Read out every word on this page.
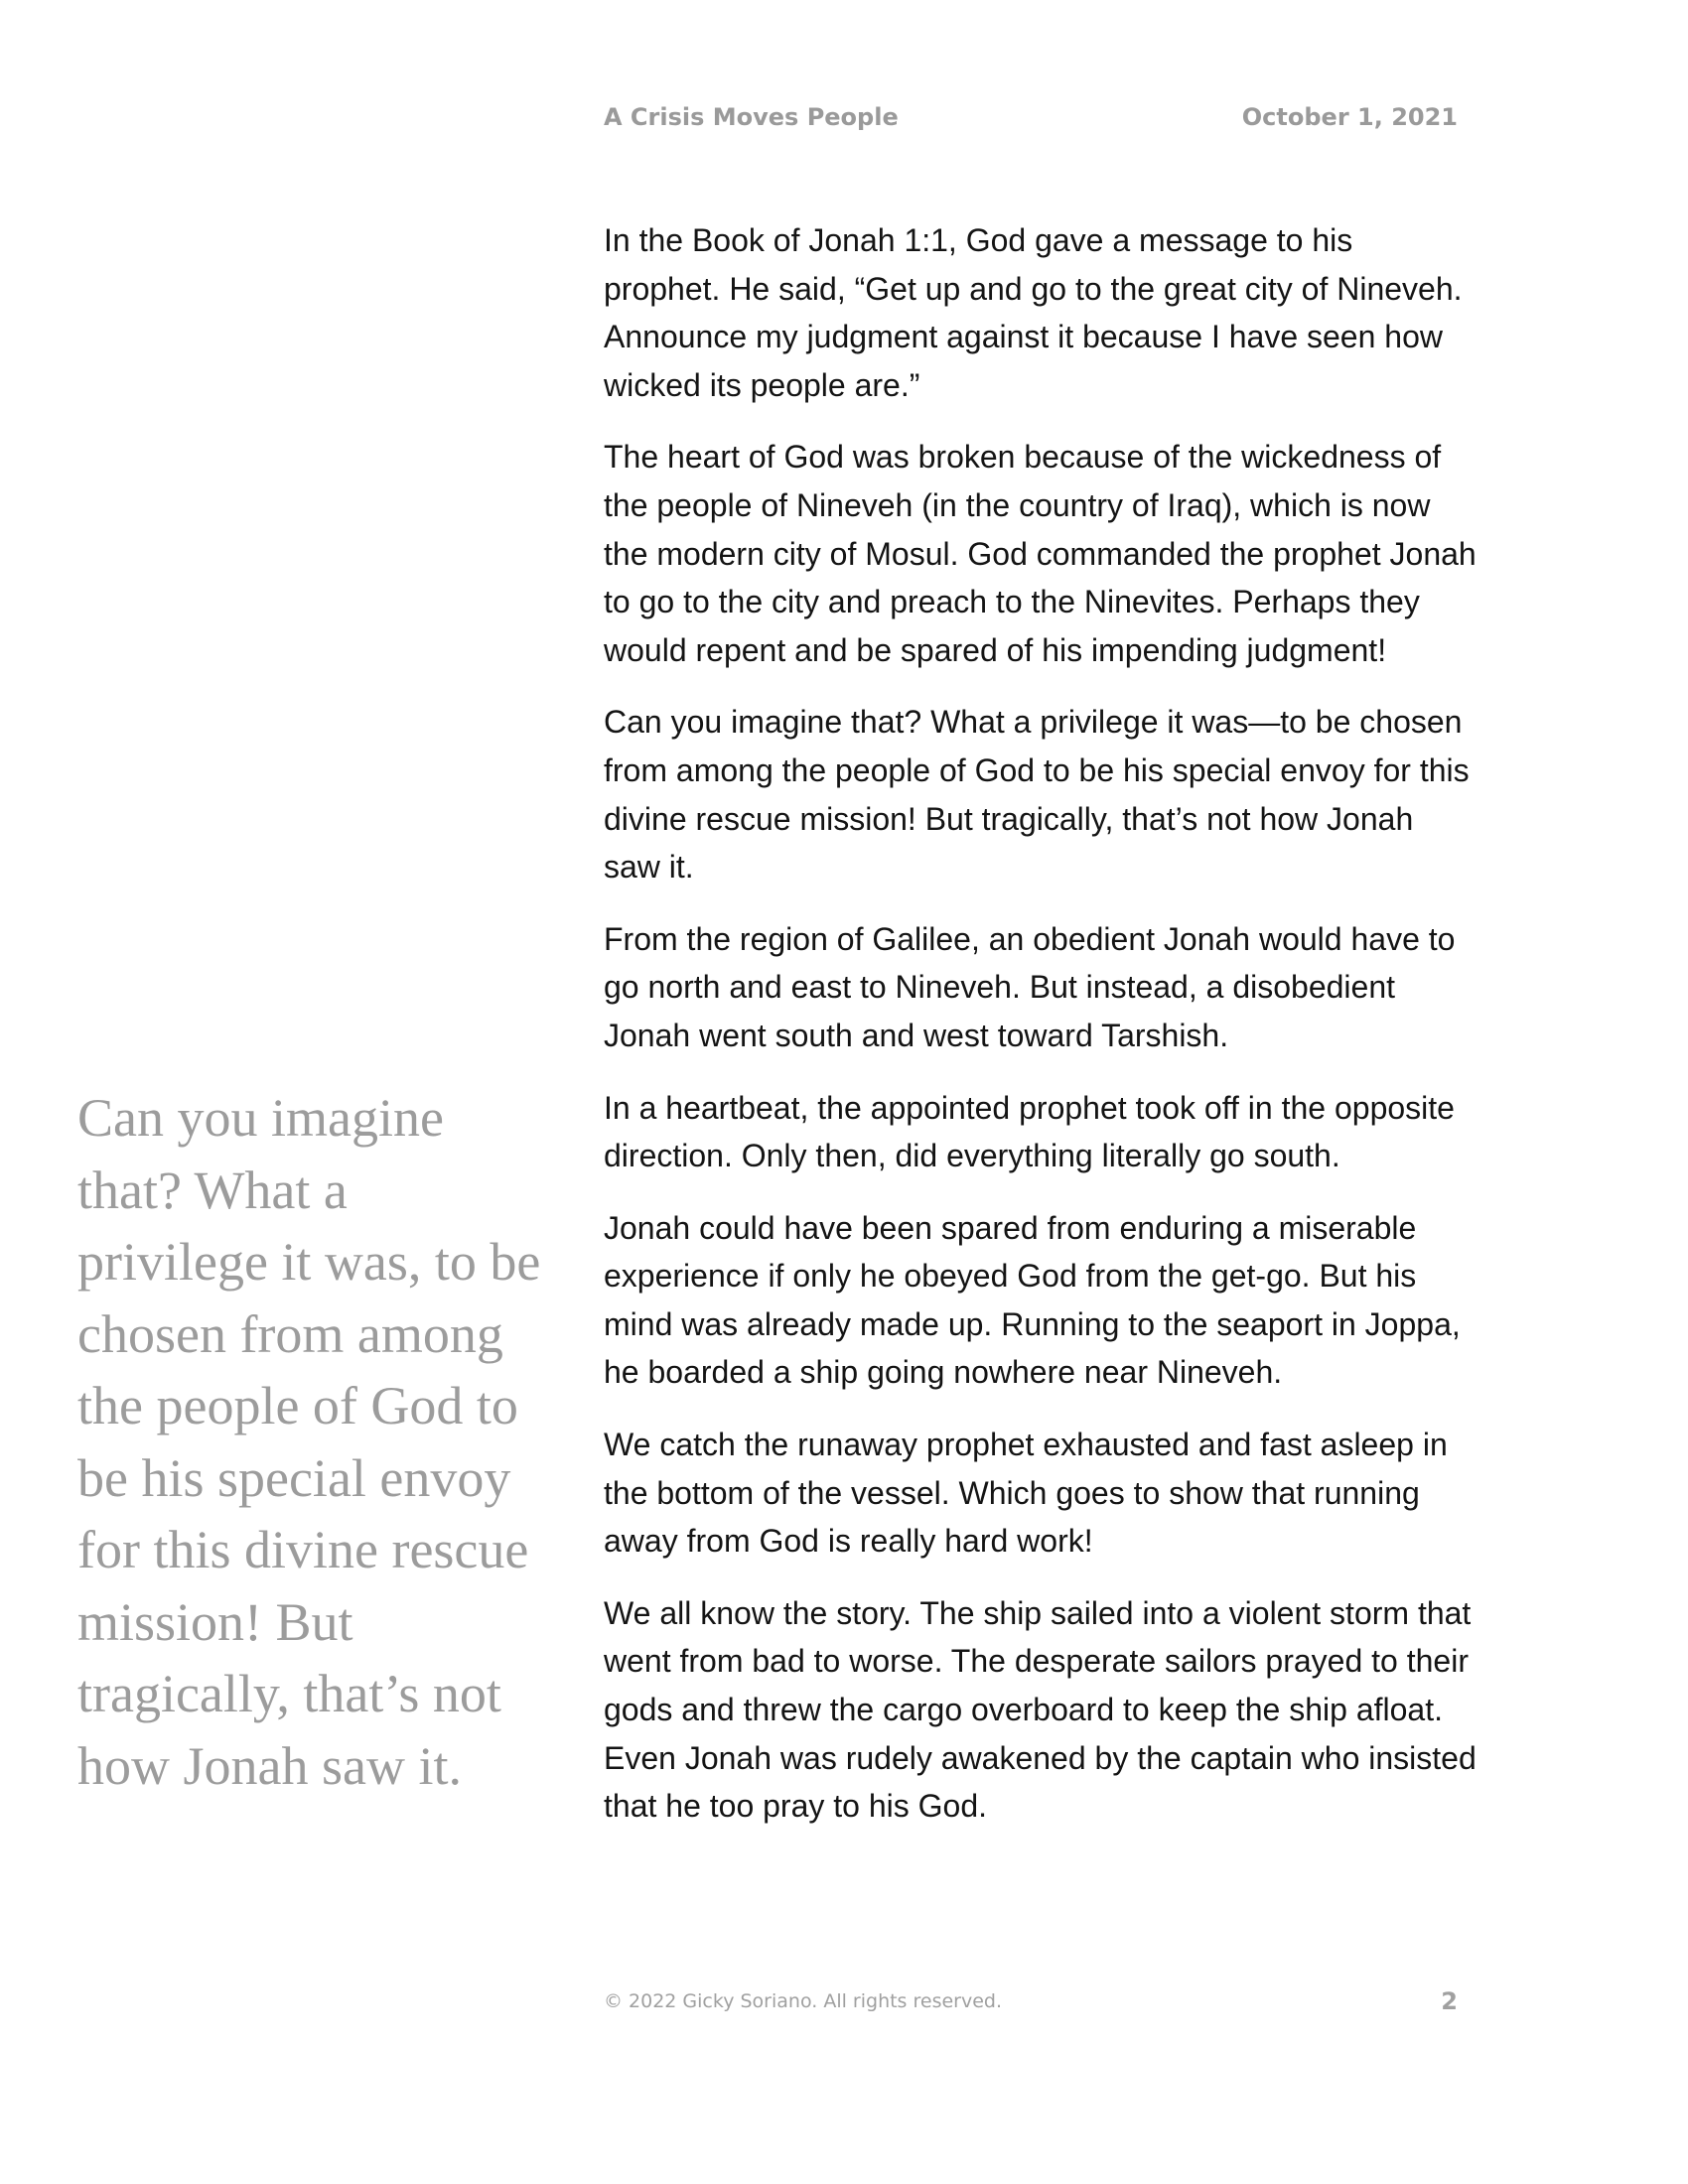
A Crisis Moves People	October 1, 2021

Can you imagine that? What a privilege it was, to be chosen from among the people of God to be his special envoy for this divine rescue mission! But tragically, that’s not how Jonah saw it.

In the Book of Jonah 1:1, God gave a message to his prophet. He said, “Get up and go to the great city of Nineveh. Announce my judgment against it because I have seen how wicked its people are.”

The heart of God was broken because of the wickedness of the people of Nineveh (in the country of Iraq), which is now the modern city of Mosul. God commanded the prophet Jonah to go to the city and preach to the Ninevites. Perhaps they would repent and be spared of his impending judgment!

Can you imagine that? What a privilege it was—to be chosen from among the people of God to be his special envoy for this divine rescue mission! But tragically, that’s not how Jonah saw it.

From the region of Galilee, an obedient Jonah would have to go north and east to Nineveh. But instead, a disobedient Jonah went south and west toward Tarshish.

In a heartbeat, the appointed prophet took off in the opposite direction. Only then, did everything literally go south.

Jonah could have been spared from enduring a miserable experience if only he obeyed God from the get-go. But his mind was already made up. Running to the seaport in Joppa, he boarded a ship going nowhere near Nineveh.

We catch the runaway prophet exhausted and fast asleep in the bottom of the vessel. Which goes to show that running away from God is really hard work!

We all know the story. The ship sailed into a violent storm that went from bad to worse. The desperate sailors prayed to their gods and threw the cargo overboard to keep the ship afloat. Even Jonah was rudely awakened by the captain who insisted that he too pray to his God.

© 2022 Gicky Soriano. All rights reserved.	2
